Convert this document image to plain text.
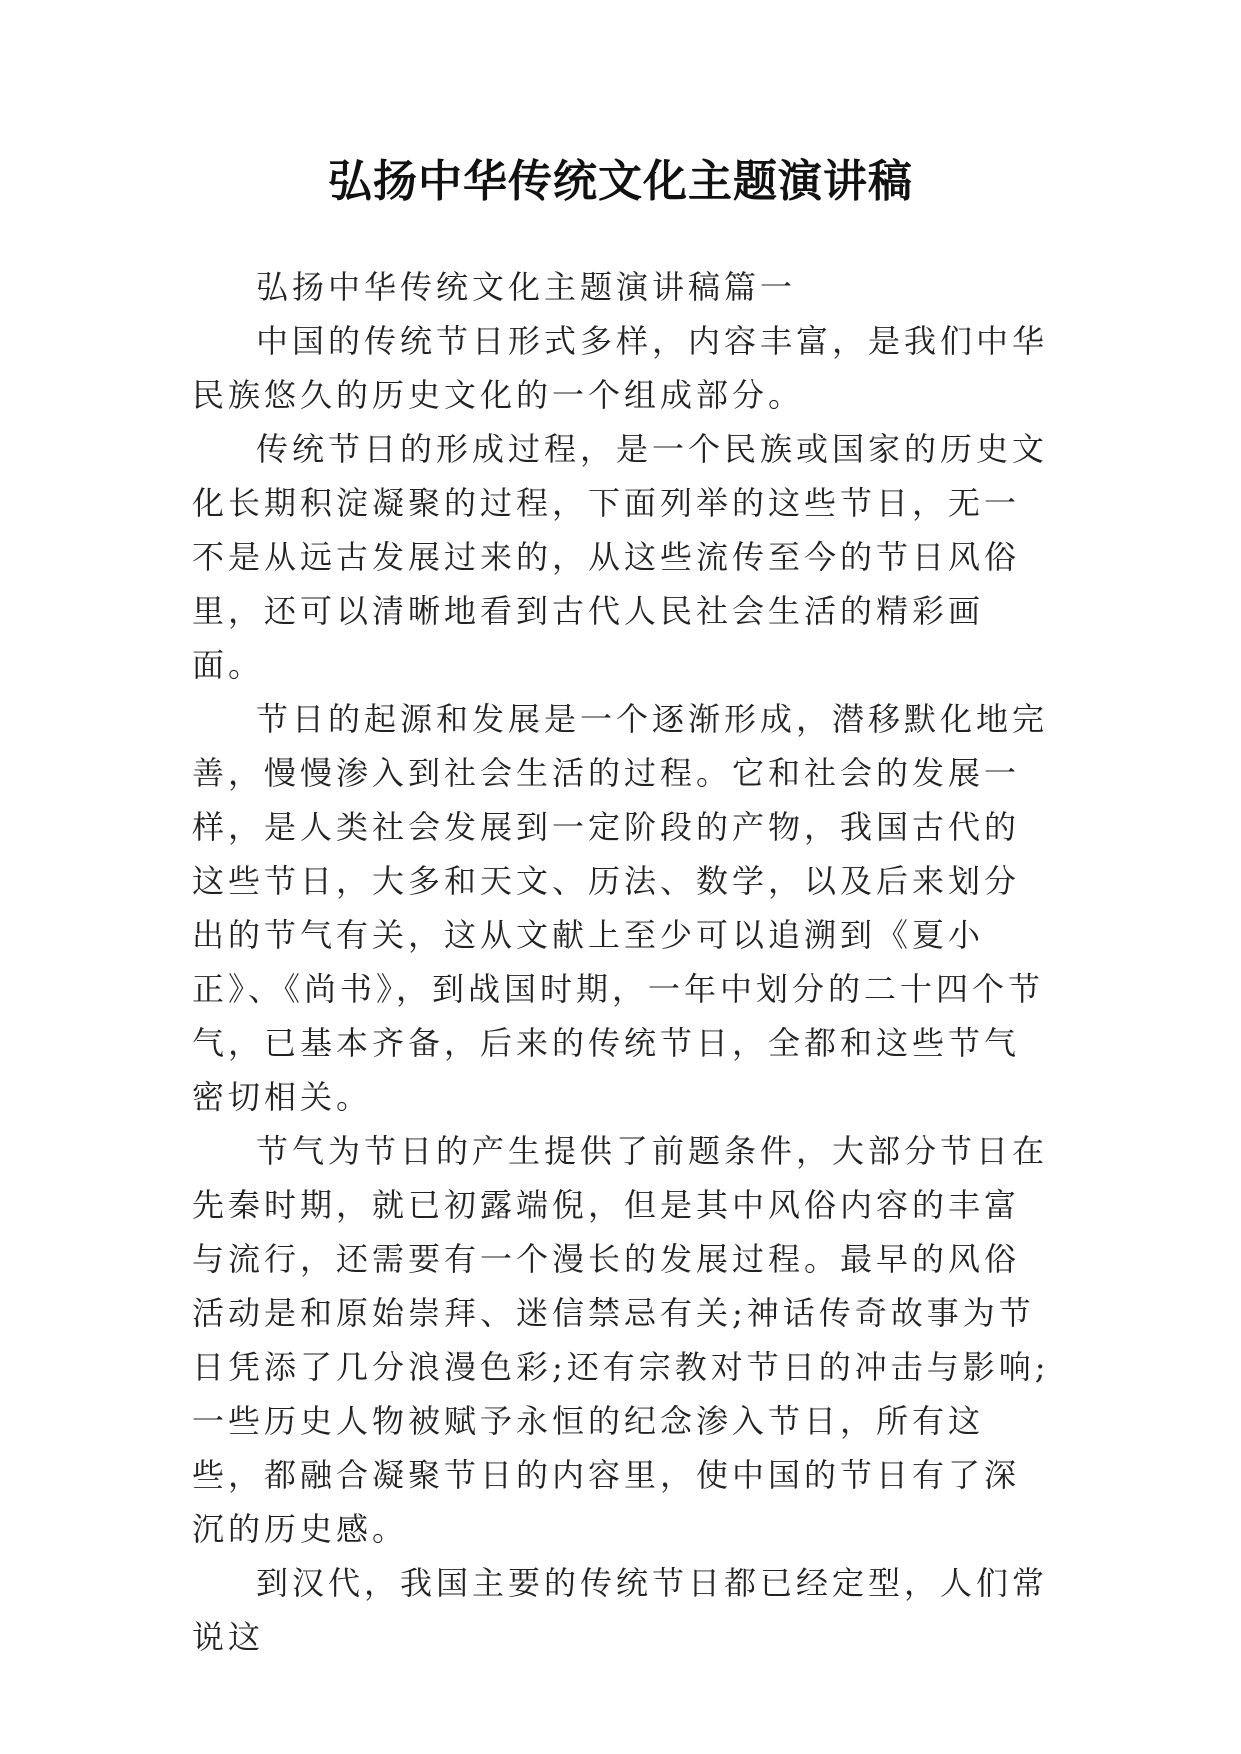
弘扬中华传统文化主题演讲稿

弘扬中华传统文化主题演讲稿篇一

中国的传统节日形式多样，内容丰富，是我们中华民族悠久的历史文化的一个组成部分。

传统节日的形成过程，是一个民族或国家的历史文化长期积淀凝聚的过程，下面列举的这些节日，无一不是从远古发展过来的，从这些流传至今的节日风俗里，还可以清晰地看到古代人民社会生活的精彩画面。

节日的起源和发展是一个逐渐形成，潜移默化地完善，慢慢渗入到社会生活的过程。它和社会的发展一样，是人类社会发展到一定阶段的产物，我国古代的这些节日，大多和天文、历法、数学，以及后来划分出的节气有关，这从文献上至少可以追溯到《夏小正》、《尚书》，到战国时期，一年中划分的二十四个节气，已基本齐备，后来的传统节日，全都和这些节气密切相关。

节气为节日的产生提供了前题条件，大部分节日在先秦时期，就已初露端倪，但是其中风俗内容的丰富与流行，还需要有一个漫长的发展过程。最早的风俗活动是和原始崇拜、迷信禁忌有关;神话传奇故事为节日凭添了几分浪漫色彩;还有宗教对节日的冲击与影响;一些历史人物被赋予永恒的纪念渗入节日，所有这些，都融合凝聚节日的内容里，使中国的节日有了深沉的历史感。

到汉代，我国主要的传统节日都已经定型，人们常说这
